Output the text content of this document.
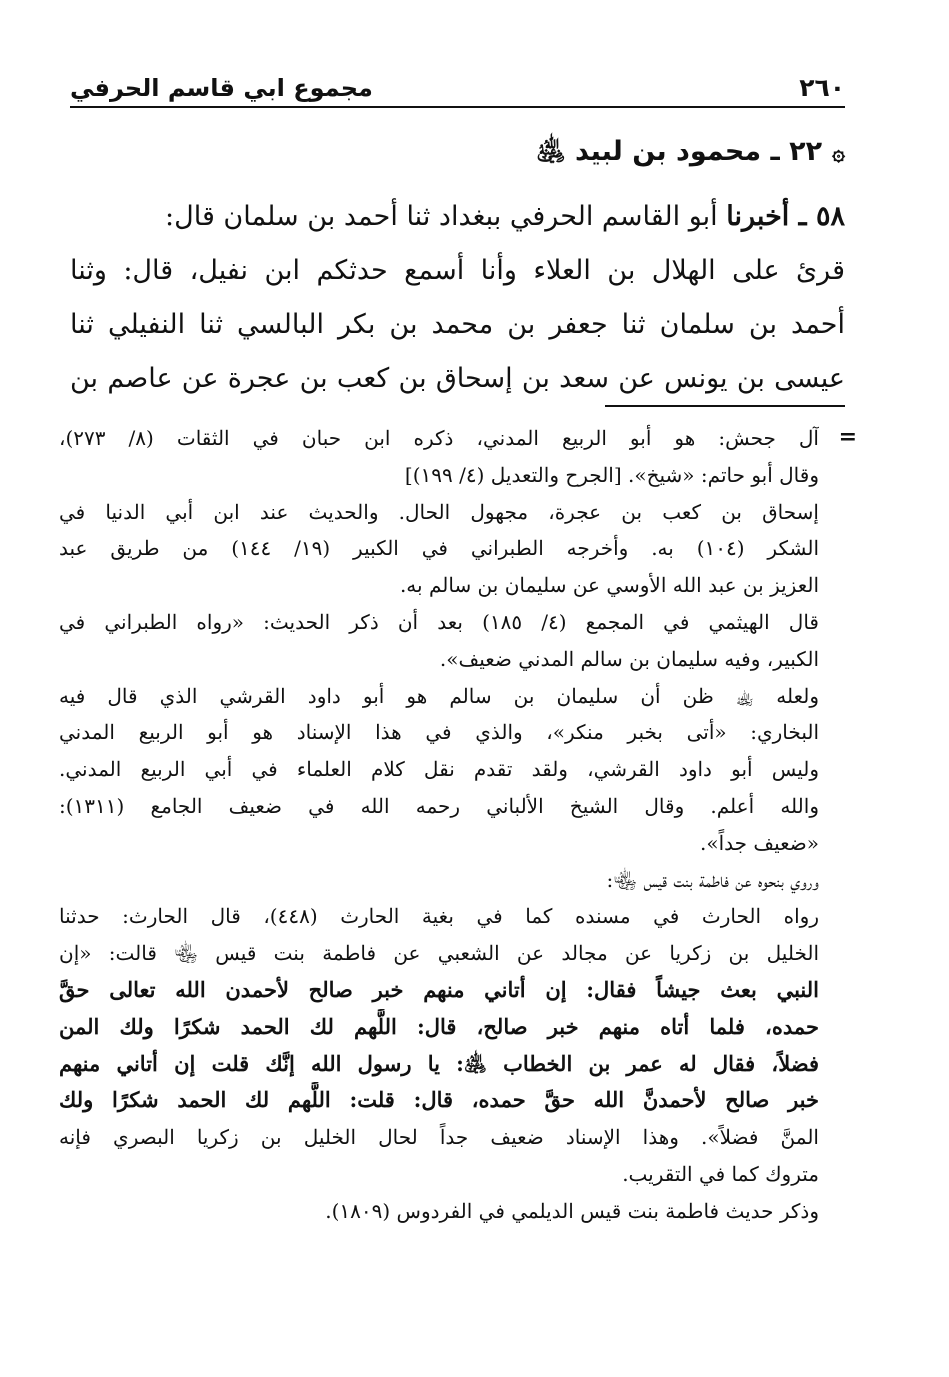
مجموع ابي قاسم الحرفي	٢٦٠
۞٢٢ ـ محمود بن لبيد ﵁
٥٨ ـ أخبرنا أبو القاسم الحرفي ببغداد ثنا أحمد بن سلمان قال:
قرئ على الهلال بن العلاء وأنا أسمع حدثكم ابن نفيل، قال: وثنا
أحمد بن سلمان ثنا جعفر بن محمد بن بكر البالسي ثنا النفيلي ثنا
عيسى بن يونس عن سعد بن إسحاق بن كعب بن عجرة عن عاصم بن
=
آل جحش: هو أبو الربيع المدني، ذكره ابن حبان في الثقات (٨/ ٢٧٣)،
وقال أبو حاتم: «شيخ». [الجرح والتعديل (٤/ ١٩٩)]
إسحاق بن كعب بن عجرة، مجهول الحال. والحديث عند ابن أبي الدنيا في
الشكر (١٠٤) به. وأخرجه الطبراني في الكبير (١٩/ ١٤٤) من طريق عبد
العزيز بن عبد الله الأوسي عن سليمان بن سالم به.
قال الهيثمي في المجمع (٤/ ١٨٥) بعد أن ذكر الحديث: «رواه الطبراني في
الكبير، وفيه سليمان بن سالم المدني ضعيف».
ولعله ﵀ ظن أن سليمان بن سالم هو أبو داود القرشي الذي قال فيه
البخاري: «أتى بخبر منكر»، والذي في هذا الإسناد هو أبو الربيع المدني
وليس أبو داود القرشي، ولقد تقدم نقل كلام العلماء في أبي الربيع المدني.
والله أعلم. وقال الشيخ الألباني رحمه الله في ضعيف الجامع (١٣١١):
«ضعيف جداً».
وروي بنحوه عن فاطمة بنت قيس ﵄:
رواه الحارث في مسنده كما في بغية الحارث (٤٤٨)، قال الحارث: حدثنا
الخليل بن زكريا عن مجالد عن الشعبي عن فاطمة بنت قيس ﵄ قالت: «إن
النبي بعث جيشاً فقال: إن أتاني منهم خبر صالح لأحمدن الله تعالى حقَّ
حمده، فلما أتاه منهم خبر صالح، قال: اللَّهم لك الحمد شكرًا ولك المن
فضلاً، فقال له عمر بن الخطاب ﵁: يا رسول الله إنَّك قلت إن أتاني منهم
خبر صالح لأحمدنَّ الله حقَّ حمده، قال: قلت: اللَّهم لك الحمد شكرًا ولك
المنَّ فضلاً». وهذا الإسناد ضعيف جداً لحال الخليل بن زكريا البصري فإنه
متروك كما في التقريب.
وذكر حديث فاطمة بنت قيس الديلمي في الفردوس (١٨٠٩).
